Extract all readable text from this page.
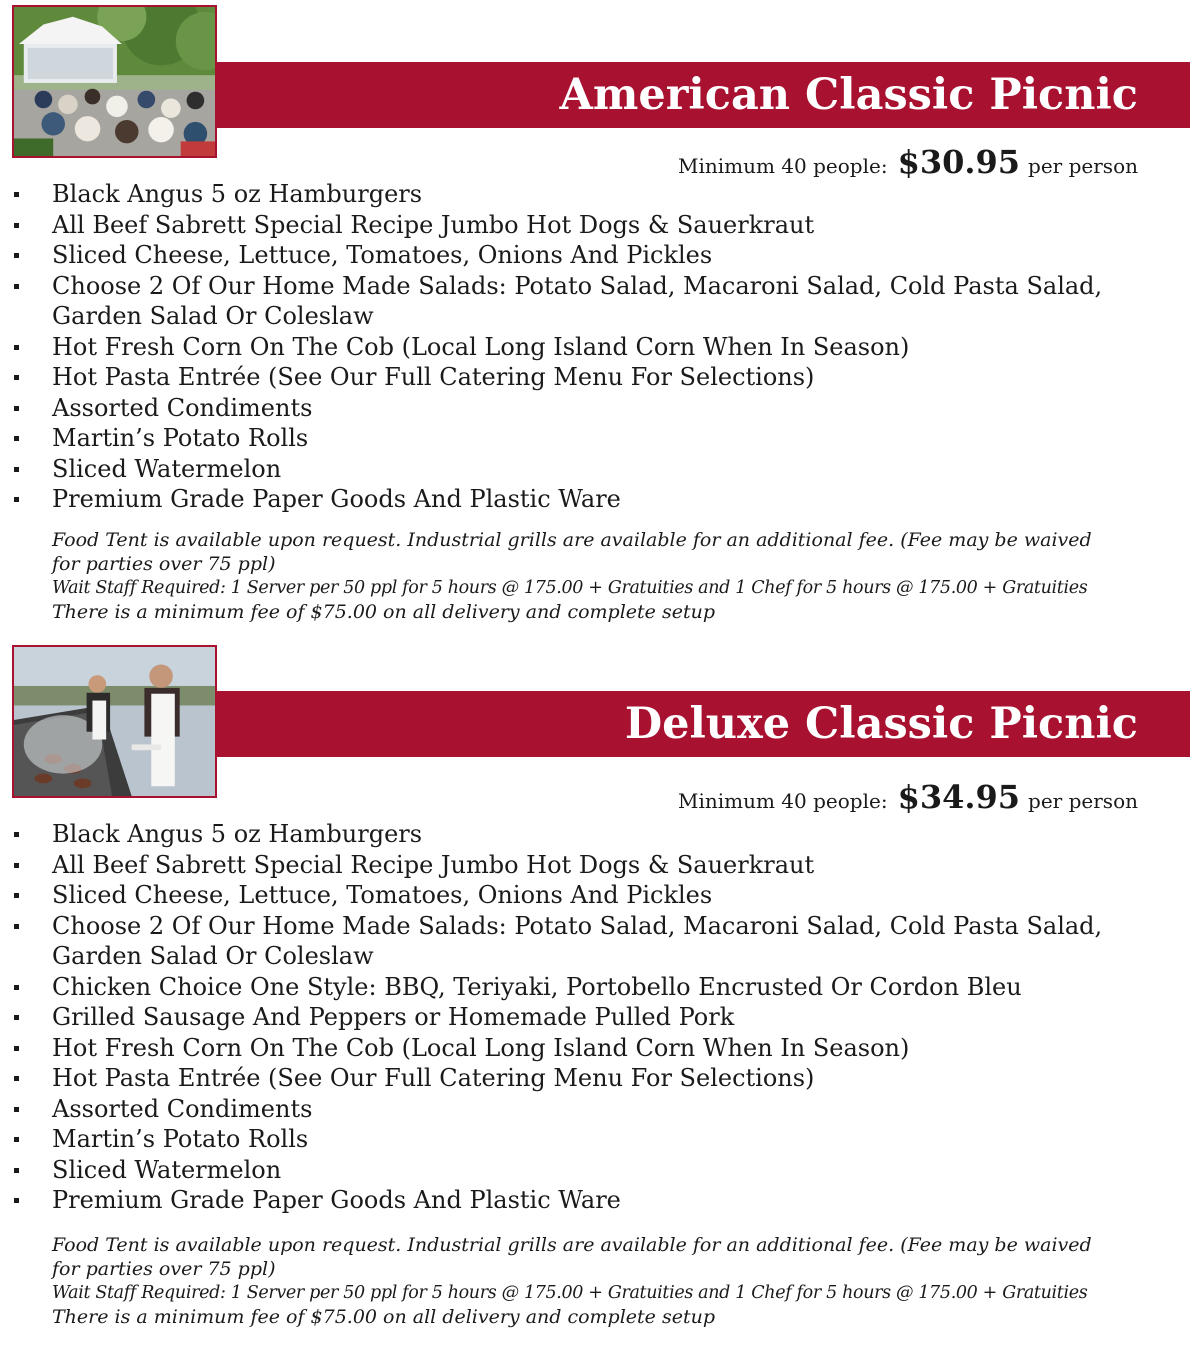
American Classic Picnic
Minimum 40 people: $30.95 per person
Black Angus 5 oz Hamburgers
All Beef Sabrett Special Recipe Jumbo Hot Dogs & Sauerkraut
Sliced Cheese, Lettuce, Tomatoes, Onions And Pickles
Choose 2 Of Our Home Made Salads: Potato Salad, Macaroni Salad, Cold Pasta Salad, Garden Salad Or Coleslaw
Hot Fresh Corn On The Cob (Local Long Island Corn When In Season)
Hot Pasta Entrée (See Our Full Catering Menu For Selections)
Assorted Condiments
Martin’s Potato Rolls
Sliced Watermelon
Premium Grade Paper Goods And Plastic Ware
Food Tent is available upon request. Industrial grills are available for an additional fee. (Fee may be waived for parties over 75 ppl)
Wait Staff Required: 1 Server per 50 ppl for 5 hours @ 175.00 + Gratuities and 1 Chef for 5 hours @ 175.00 + Gratuities
There is a minimum fee of $75.00 on all delivery and complete setup
Deluxe Classic Picnic
Minimum 40 people: $34.95 per person
Black Angus 5 oz Hamburgers
All Beef Sabrett Special Recipe Jumbo Hot Dogs & Sauerkraut
Sliced Cheese, Lettuce, Tomatoes, Onions And Pickles
Choose 2 Of Our Home Made Salads: Potato Salad, Macaroni Salad, Cold Pasta Salad, Garden Salad Or Coleslaw
Chicken Choice One Style: BBQ, Teriyaki, Portobello Encrusted Or Cordon Bleu
Grilled Sausage And Peppers or Homemade Pulled Pork
Hot Fresh Corn On The Cob (Local Long Island Corn When In Season)
Hot Pasta Entrée (See Our Full Catering Menu For Selections)
Assorted Condiments
Martin’s Potato Rolls
Sliced Watermelon
Premium Grade Paper Goods And Plastic Ware
Food Tent is available upon request. Industrial grills are available for an additional fee. (Fee may be waived for parties over 75 ppl)
Wait Staff Required: 1 Server per 50 ppl for 5 hours @ 175.00 + Gratuities and 1 Chef for 5 hours @ 175.00 + Gratuities
There is a minimum fee of $75.00 on all delivery and complete setup
